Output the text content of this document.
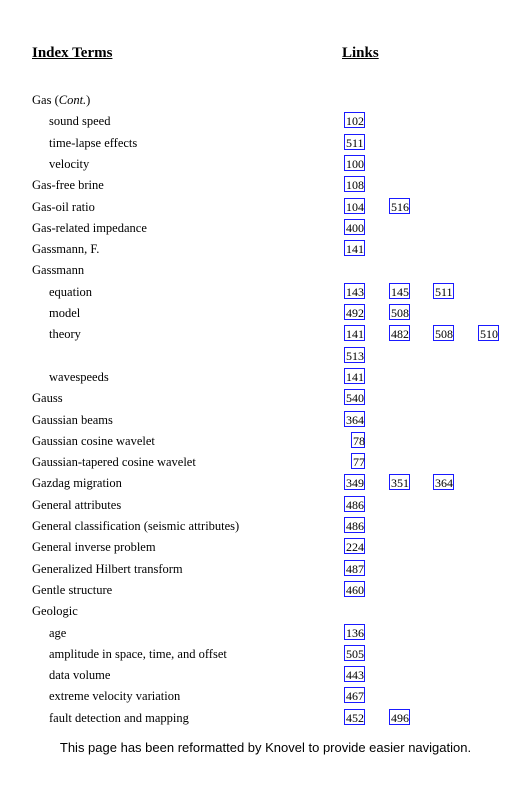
Index Terms	Links
Gas (Cont.)
sound speed	102
time-lapse effects	511
velocity	100
Gas-free brine	108
Gas-oil ratio	104 516
Gas-related impedance	400
Gassmann, F.	141
Gassmann
equation	143 145 511
model	492 508
theory	141 482 508 510
513
wavespeeds	141
Gauss	540
Gaussian beams	364
Gaussian cosine wavelet	78
Gaussian-tapered cosine wavelet	77
Gazdag migration	349 351 364
General attributes	486
General classification (seismic attributes)	486
General inverse problem	224
Generalized Hilbert transform	487
Gentle structure	460
Geologic
age	136
amplitude in space, time, and offset	505
data volume	443
extreme velocity variation	467
fault detection and mapping	452 496
This page has been reformatted by Knovel to provide easier navigation.
